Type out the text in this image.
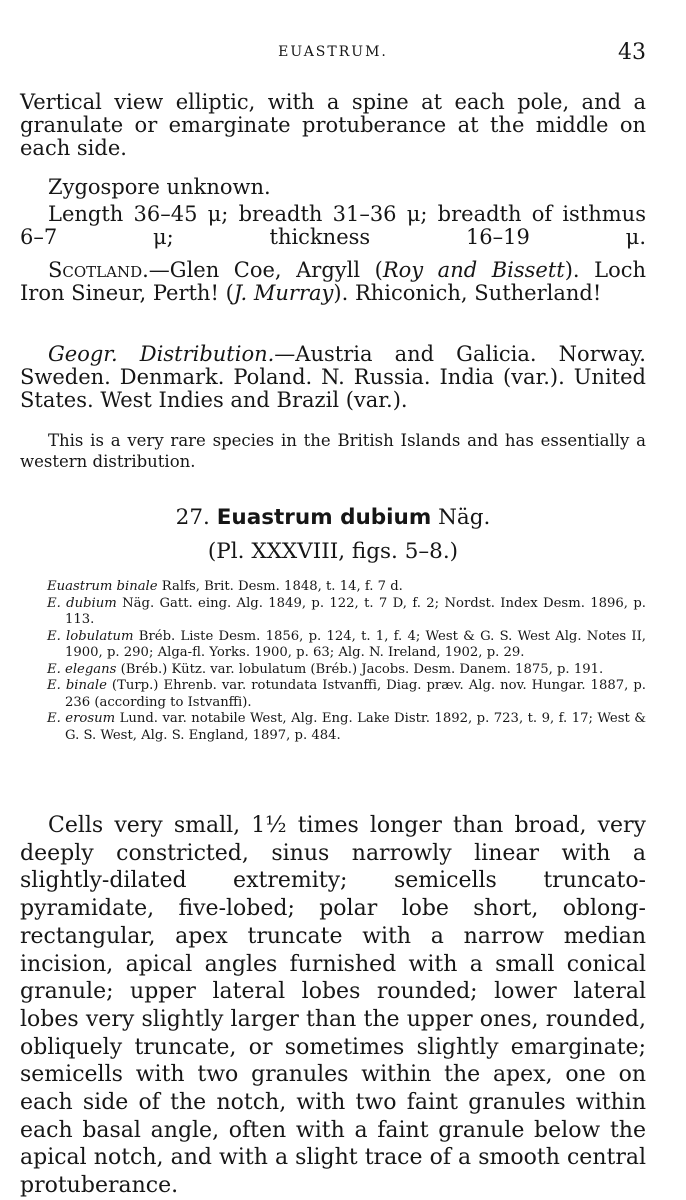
EUASTRUM.	43

Vertical view elliptic, with a spine at each pole, and a granulate or emarginate protuberance at the middle on each side.

Zygospore unknown.

Length 36–45 μ; breadth 31–36 μ; breadth of isthmus 6–7 μ; thickness 16–19 μ.

Scotland.—Glen Coe, Argyll (Roy and Bissett). Loch Iron Sineur, Perth! (J. Murray). Rhiconich, Sutherland!

Geogr. Distribution.—Austria and Galicia. Norway. Sweden. Denmark. Poland. N. Russia. India (var.). United States. West Indies and Brazil (var.).

This is a very rare species in the British Islands and has essentially a western distribution.

27. Euastrum dubium Näg.
(Pl. XXXVIII, figs. 5–8.)
Euastrum binale Ralfs, Brit. Desm. 1848, t. 14, f. 7 d.
E. dubium Näg. Gatt. eing. Alg. 1849, p. 122, t. 7 D, f. 2; Nordst. Index Desm. 1896, p. 113.
E. lobulatum Bréb. Liste Desm. 1856, p. 124, t. 1, f. 4; West & G. S. West Alg. Notes II, 1900, p. 290; Alga-fl. Yorks. 1900, p. 63; Alg. N. Ireland, 1902, p. 29.
E. elegans (Bréb.) Kütz. var. lobulatum (Bréb.) Jacobs. Desm. Danem. 1875, p. 191.
E. binale (Turp.) Ehrenb. var. rotundata Istvanffi, Diag. præv. Alg. nov. Hungar. 1887, p. 236 (according to Istvanffi).
E. erosum Lund. var. notabile West, Alg. Eng. Lake Distr. 1892, p. 723, t. 9, f. 17; West & G. S. West, Alg. S. England, 1897, p. 484.

Cells very small, 1½ times longer than broad, very deeply constricted, sinus narrowly linear with a slightly-dilated extremity; semicells truncato-pyramidate, five-lobed; polar lobe short, oblong-rectangular, apex truncate with a narrow median incision, apical angles furnished with a small conical granule; upper lateral lobes rounded; lower lateral lobes very slightly larger than the upper ones, rounded, obliquely truncate, or sometimes slightly emarginate; semicells with two granules within the apex, one on each side of the notch, with two faint granules within each basal angle, often with a faint granule below the apical notch, and with a slight trace of a smooth central protuberance.
